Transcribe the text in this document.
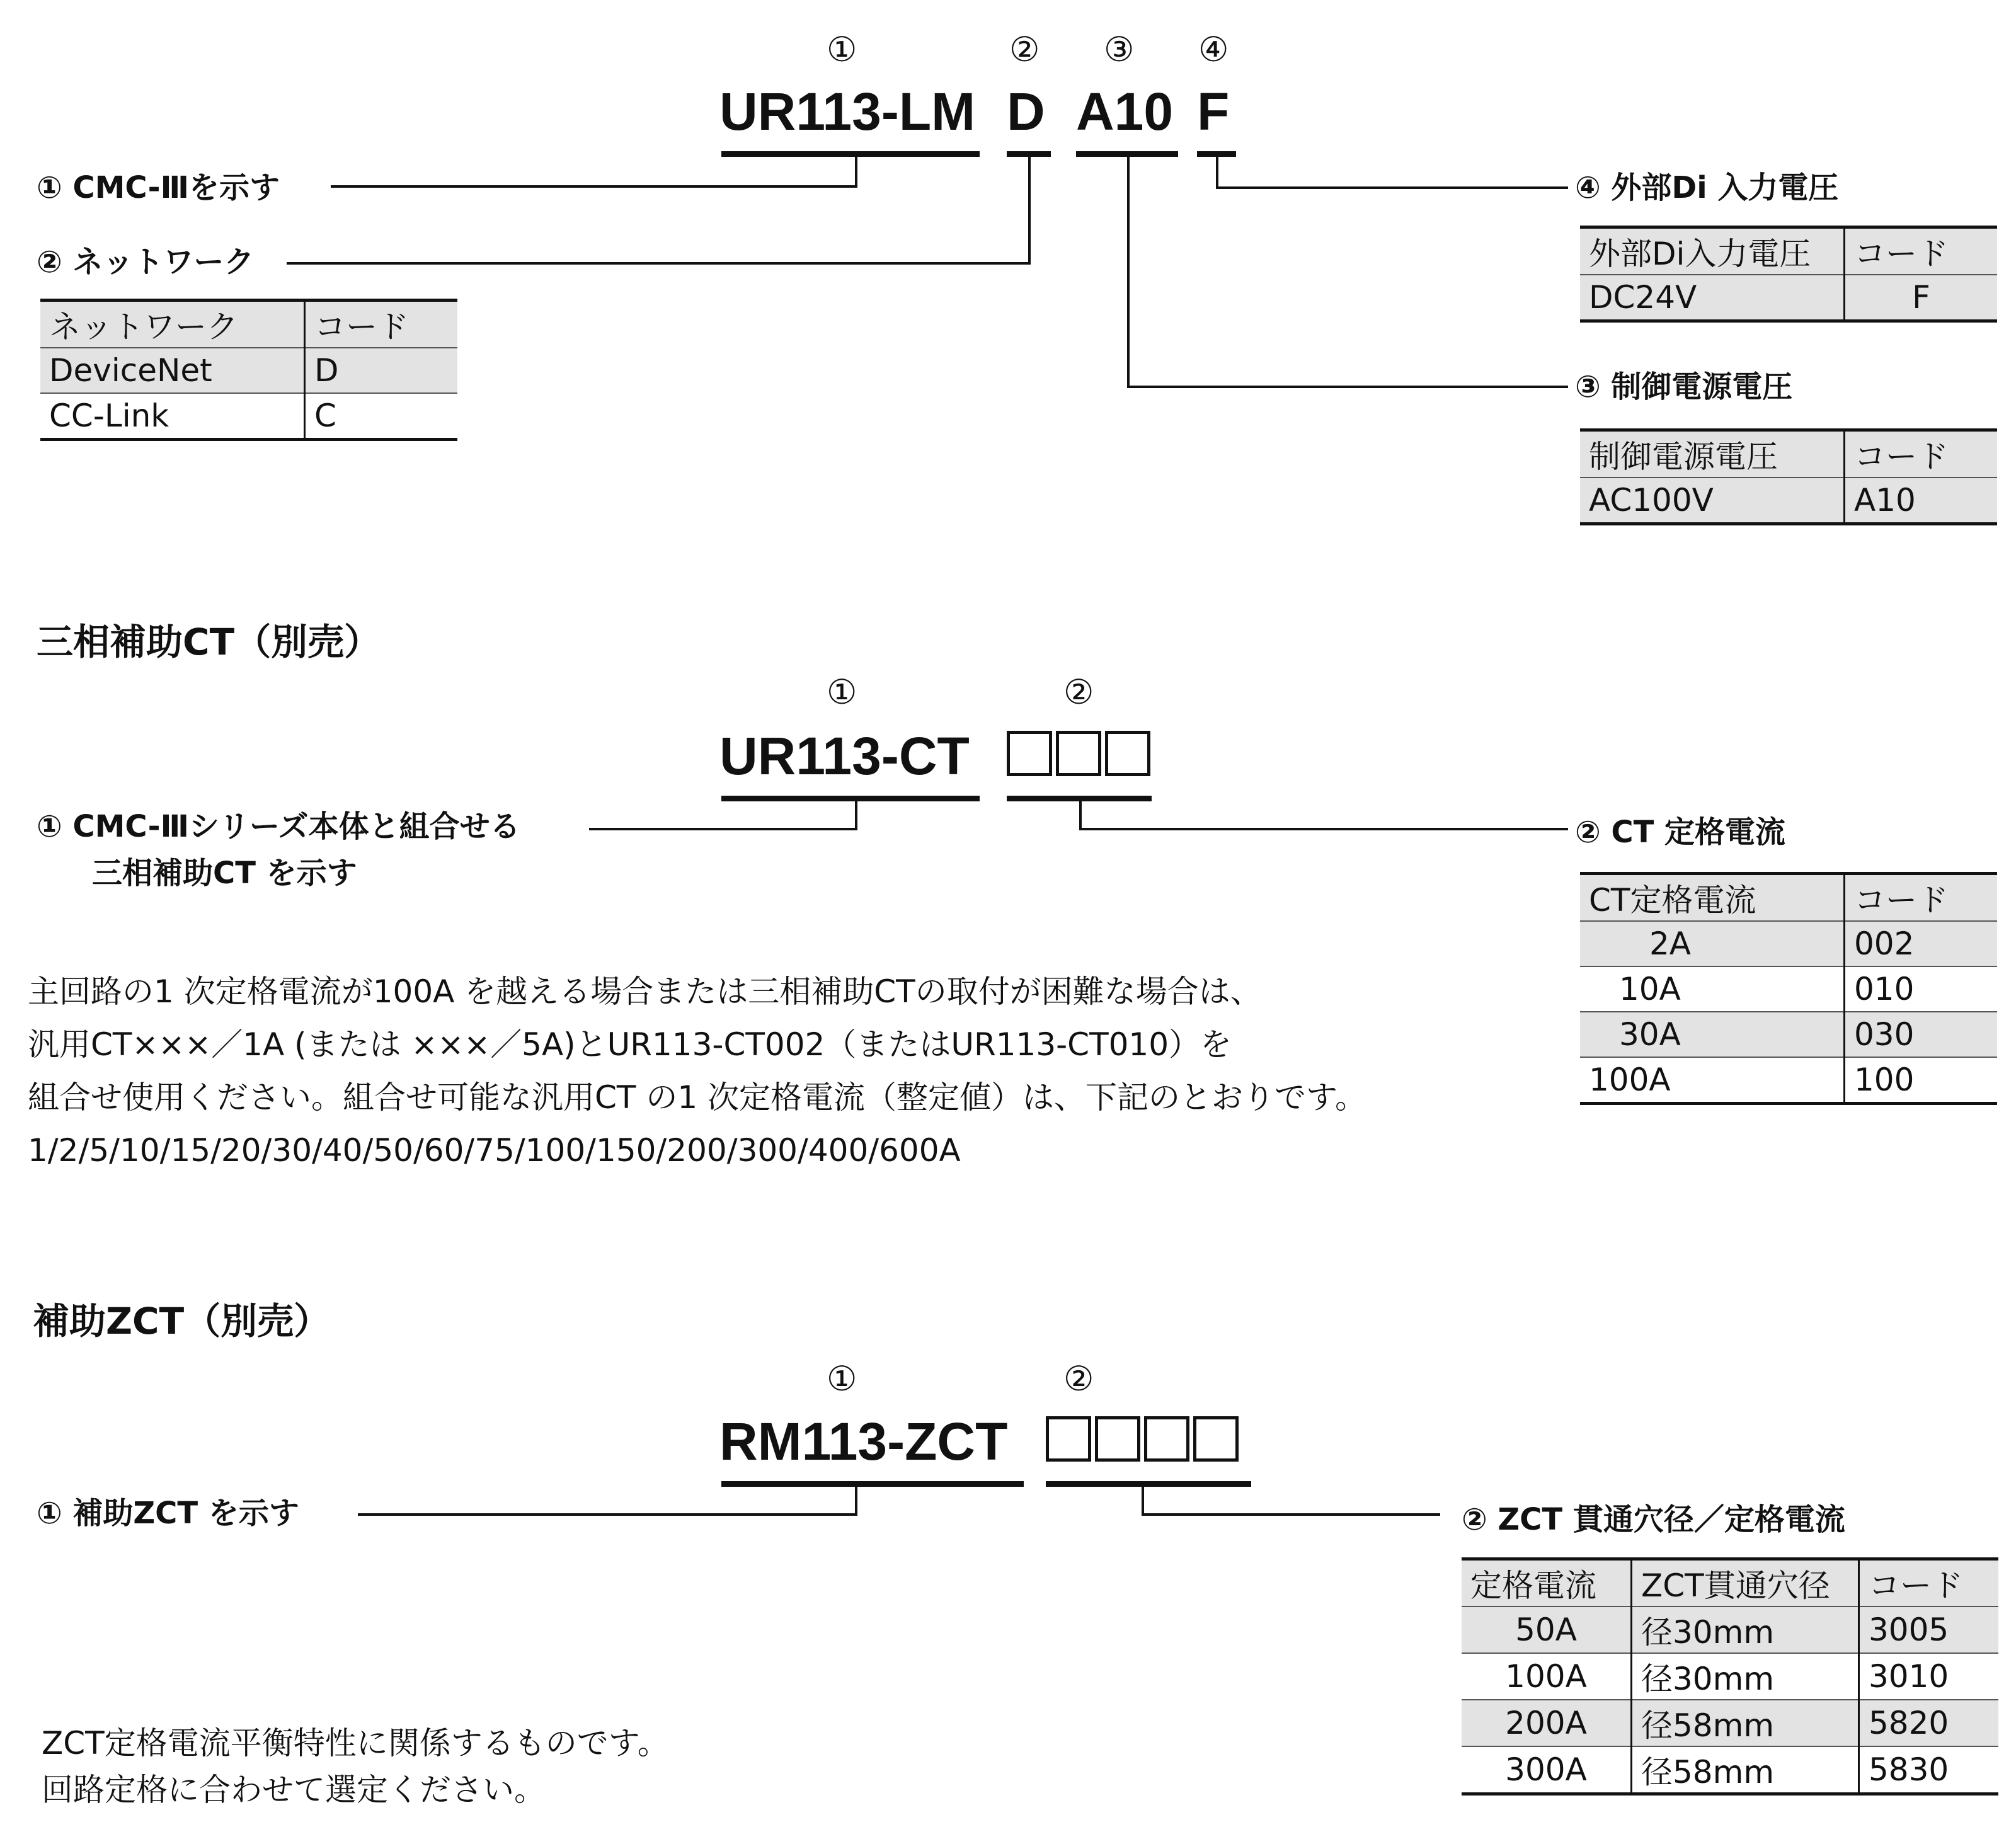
①	② ③ ④
UR113-LM D A10 F
① CMC-Ⅲを示す
② ネットワーク
④ 外部Di 入力電圧
③ 制御電源電圧
ネットワーク	コード
DeviceNet	D
CC-Link	C
外部Di入力電圧	コード
DC24V	F
制御電源電圧	コード
AC100V	A10
三相補助CT（別売）
①	②
UR113-CT
① CMC-Ⅲシリーズ本体と組合せる
三相補助CT を示す
② CT 定格電流
CT定格電流	コード
2A	002
10A	010
30A	030
100A	100
主回路の1 次定格電流が100A を越える場合または三相補助CTの取付が困難な場合は、
汎用CT×××／1A (または ×××／5A)とUR113-CT002（またはUR113-CT010）を
組合せ使用ください。組合せ可能な汎用CT の1 次定格電流（整定値）は、下記のとおりです。
1/2/5/10/15/20/30/40/50/60/75/100/150/200/300/400/600A
補助ZCT（別売）
①	②
RM113-ZCT
① 補助ZCT を示す	② ZCT 貫通穴径／定格電流
定格電流	ZCT貫通穴径	コード
50A	径30mm	3005
100A	径30mm	3010
200A	径58mm	5820
300A	径58mm	5830
ZCT定格電流平衡特性に関係するものです。
回路定格に合わせて選定ください。
